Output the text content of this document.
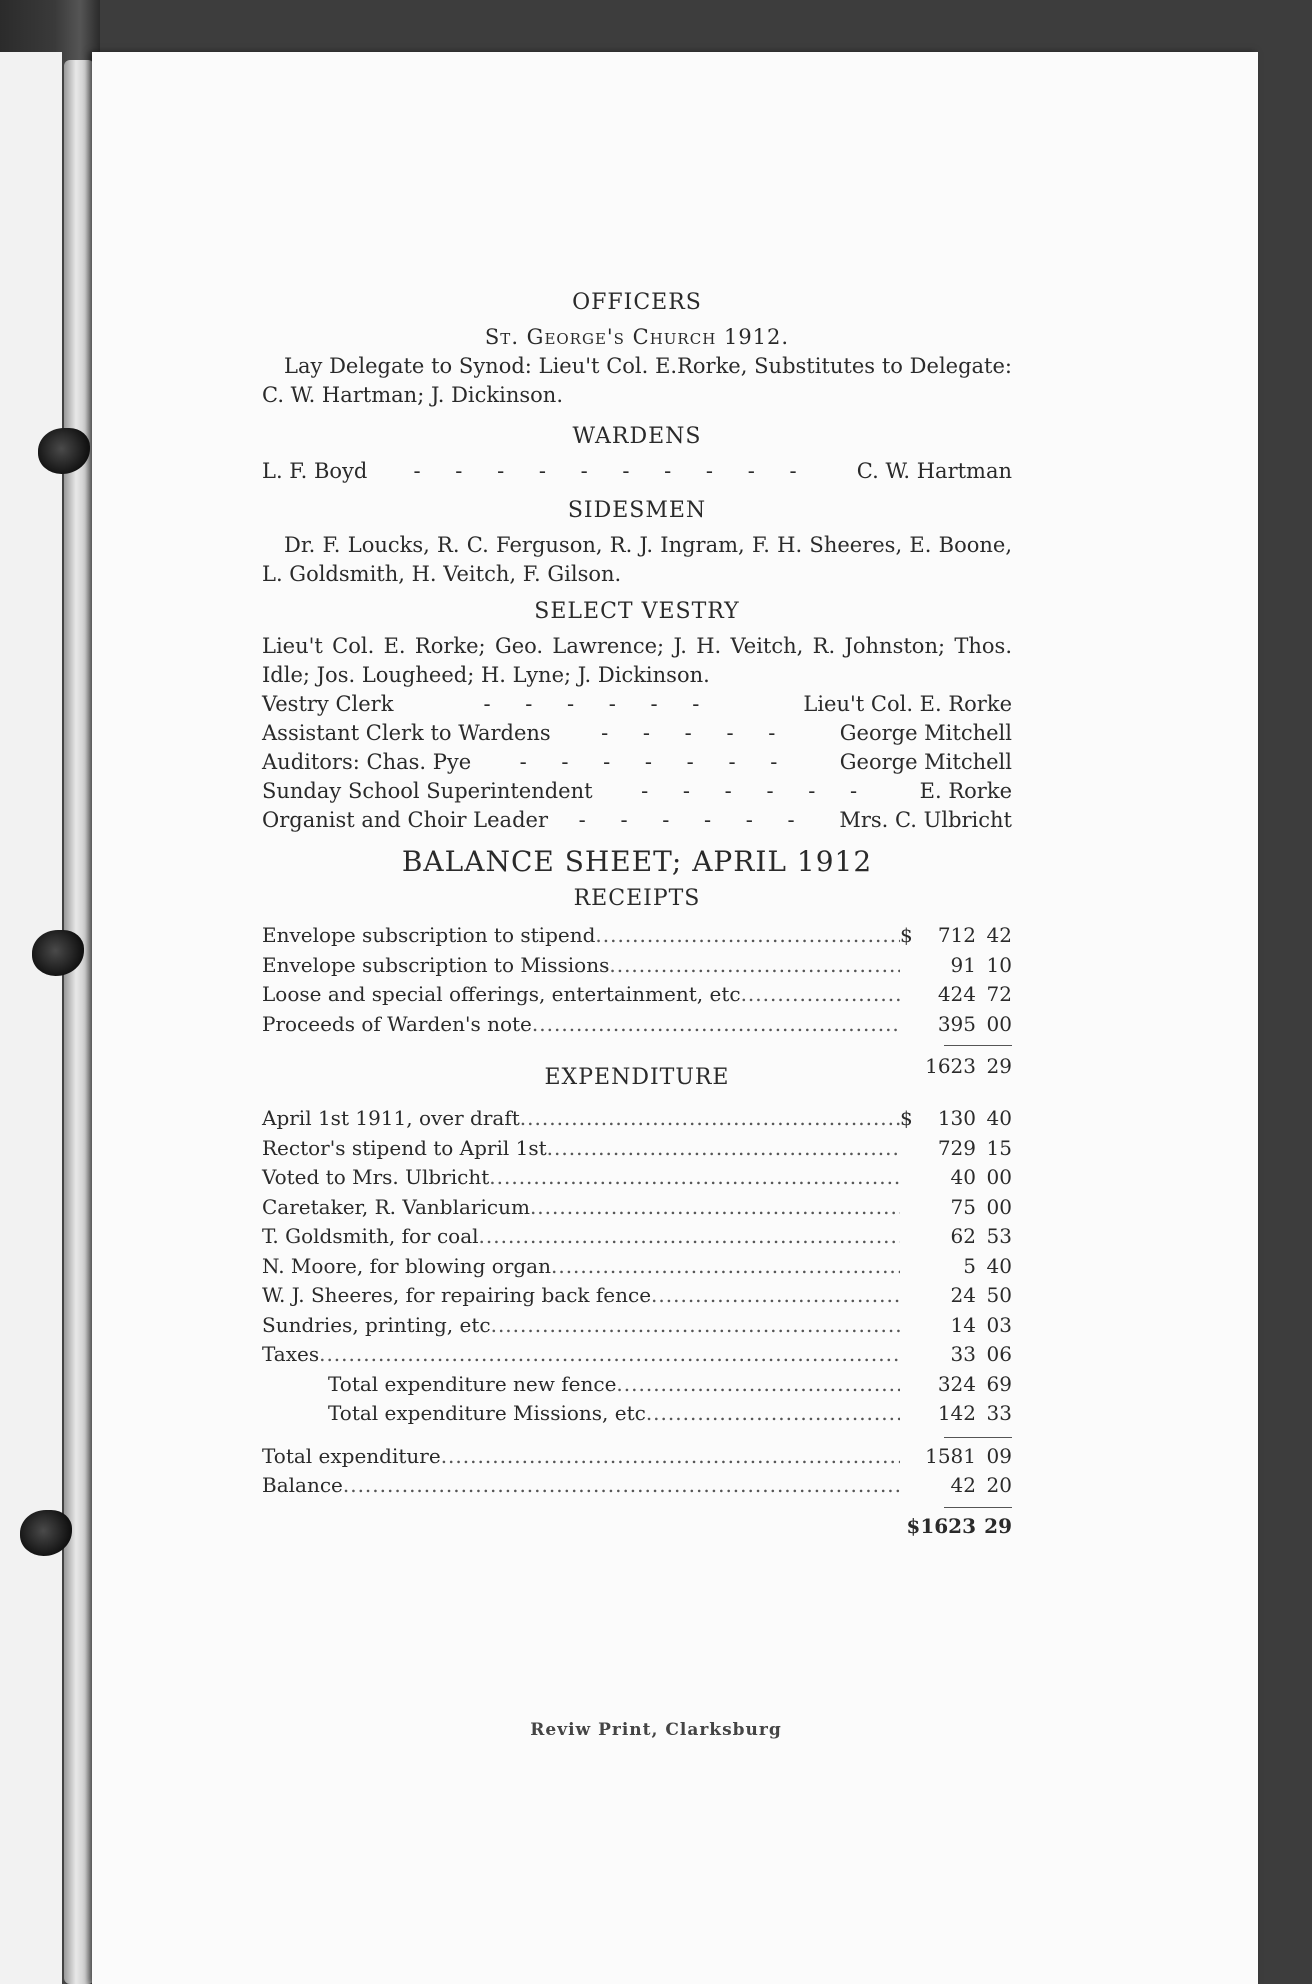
OFFICERS
St. George's Church 1912.

Lay Delegate to Synod: Lieu't Col. E.Rorke, Substitutes to Delegate: C. W. Hartman; J. Dickinson.

WARDENS
L. F. Boyd	- - - - - - - - - -	C. W. Hartman
SIDESMEN

Dr. F. Loucks, R. C. Ferguson, R. J. Ingram, F. H. Sheeres, E. Boone, L. Goldsmith, H. Veitch, F. Gilson.

SELECT VESTRY

Lieu't Col. E. Rorke; Geo. Lawrence; J. H. Veitch, R. Johnston; Thos. Idle; Jos. Lougheed; H. Lyne; J. Dickinson.

Vestry Clerk	- - - - - -	Lieu't Col. E. Rorke
Assistant Clerk to Wardens	- - - - -	George Mitchell
Auditors: Chas. Pye	- - - - - - -	George Mitchell
Sunday School Superintendent	- - - - - -	E. Rorke
Organist and Choir Leader	- - - - - -	Mrs. C. Ulbricht
BALANCE SHEET; APRIL 1912
RECEIPTS
Envelope subscription to stipend .....	$	712 42
Envelope subscription to Missions .....	91 10
Loose and special offerings, entertainment, etc .....	424 72
Proceeds of Warden's note .....	395 00
1623 29
EXPENDITURE
April 1st 1911, over draft .....	$	130 40
Rector's stipend to April 1st .....	729 15
Voted to Mrs. Ulbricht .....	40 00
Caretaker, R. Vanblaricum .....	75 00
T. Goldsmith, for coal .....	62 53
N. Moore, for blowing organ .....	5 40
W. J. Sheeres, for repairing back fence .....	24 50
Sundries, printing, etc .....	14 03
Taxes .....	33 06
Total expenditure new fence .....	324 69
Total expenditure Missions, etc .....	142 33
Total expenditure .....	1581 09
Balance .....	42 20
$1623 29
Reviw Print, Clarksburg
